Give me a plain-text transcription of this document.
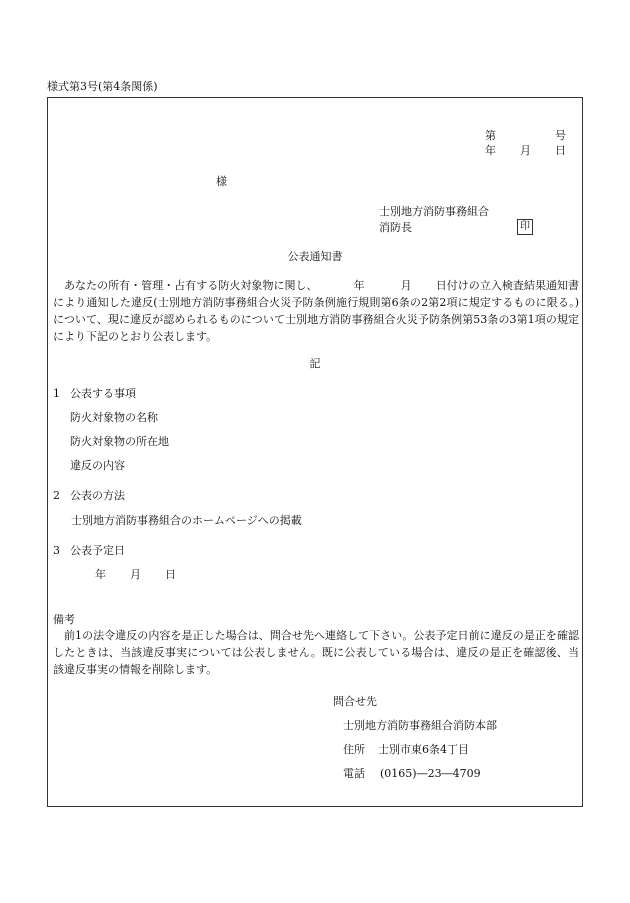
様式第3号(第4条関係)
第	号
年 月 日
様
士別地方消防事務組合
消防長	印
公表通知書
あなたの所有・管理・占有する防火対象物に関し、	年	月 日付けの立入検査結果通知書により通知した違反(士別地方消防事務組合火災予防条例施行規則第6条の2第2項に規定するものに限る。)について、現に違反が認められるものについて士別地方消防事務組合火災予防条例第53条の3第1項の規定により下記のとおり公表します。
記
1 公表する事項
防火対象物の名称
防火対象物の所在地
違反の内容
2 公表の方法
士別地方消防事務組合のホームページへの掲載
3 公表予定日
年 月 日
備考
前1の法令違反の内容を是正した場合は、問合せ先へ連絡して下さい。公表予定日前に違反の是正を確認したときは、当該違反事実については公表しません。既に公表している場合は、違反の是正を確認後、当該違反事実の情報を削除します。
問合せ先
士別地方消防事務組合消防本部
住所 士別市東6条4丁目
電話 (0165)―23―4709
